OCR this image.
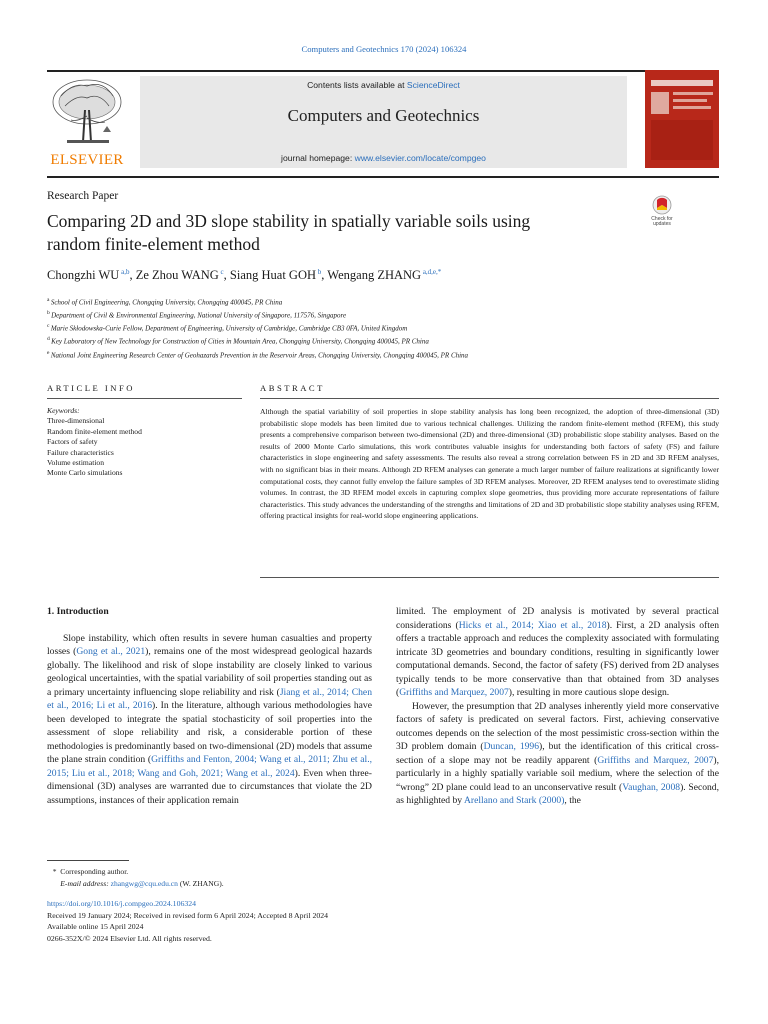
Computers and Geotechnics 170 (2024) 106324
ELSEVIER
Contents lists available at ScienceDirect
Computers and Geotechnics
journal homepage: www.elsevier.com/locate/compgeo
Research Paper
Comparing 2D and 3D slope stability in spatially variable soils using
random finite-element method
Check for
updates
Chongzhi WU $^{a,b}$, Ze Zhou WANG $^c$, Siang Huat GOH $^b$, Wengang ZHANG $^{a,d,e,*}$
$^a$ School of Civil Engineering, Chongqing University, Chongqing 400045, PR China
$^b$ Department of Civil & Environmental Engineering, National University of Singapore, 117576, Singapore
$^c$ Marie Skłodowska-Curie Fellow, Department of Engineering, University of Cambridge, Cambridge CB3 0FA, United Kingdom
$^d$ Key Laboratory of New Technology for Construction of Cities in Mountain Area, Chongqing University, Chongqing 400045, PR China
$^e$ National Joint Engineering Research Center of Geohazards Prevention in the Reservoir Areas, Chongqing University, Chongqing 400045, PR China
ARTICLE INFO	ABSTRACT
Keywords:
Three-dimensional
Random finite-element method
Factors of safety
Failure characteristics
Volume estimation
Monte Carlo simulations
Although the spatial variability of soil properties in slope stability analysis has long been recognized, the adoption of three-dimensional (3D) probabilistic slope models has been limited due to various technical challenges. Utilizing the random finite-element method (RFEM), this study presents a comprehensive comparison between two-dimensional (2D) and three-dimensional (3D) probabilistic slope stability analyses. Based on the results of 2000 Monte Carlo simulations, this work contributes valuable insights for understanding both factors of safety (FS) and failure characteristics in slope engineering and safety assessments. The results also reveal a strong correlation between FS in 2D and 3D RFEM analyses, with no significant bias in their means. Although 2D RFEM analyses can generate a much larger number of failure realizations at significantly lower computational costs, they cannot fully envelop the failure samples of 3D RFEM analyses. Moreover, 2D RFEM analyses tend to overestimate sliding volumes. In contrast, the 3D RFEM model excels in capturing complex slope geometries, thus providing more accurate representations of failure characteristics. This study advances the understanding of the strengths and limitations of 2D and 3D probabilistic slope stability analyses using RFEM, offering practical insights for real-world slope engineering applications.
1. Introduction

Slope instability, which often results in severe human casualties and property losses (Gong et al., 2021), remains one of the most widespread geological hazards globally. The likelihood and risk of slope instability are closely linked to various geological uncertainties, with the spatial variability of soil properties standing out as a primary uncertainty influencing slope reliability and risk (Jiang et al., 2014; Chen et al., 2016; Li et al., 2016). In the literature, although various methodologies have been developed to integrate the spatial stochasticity of soil properties into the assessment of slope reliability and risk, a considerable portion of these methodologies is predominantly based on two-dimensional (2D) models that assume the plane strain condition (Griffiths and Fenton, 2004; Wang et al., 2011; Zhu et al., 2015; Liu et al., 2018; Wang and Goh, 2021; Wang et al., 2024). Even when three-dimensional (3D) analyses are warranted due to circumstances that violate the 2D assumptions, instances of their application remain

limited. The employment of 2D analysis is motivated by several practical considerations (Hicks et al., 2014; Xiao et al., 2018). First, a 2D analysis often offers a tractable approach and reduces the complexity associated with formulating intricate 3D geometries and boundary conditions, resulting in significantly lower computational demands. Second, the factor of safety (FS) derived from 2D analyses typically tends to be more conservative than that obtained from 3D analyses (Griffiths and Marquez, 2007), resulting in more cautious slope design.

However, the presumption that 2D analyses inherently yield more conservative factors of safety is predicated on several factors. First, achieving conservative outcomes depends on the selection of the most pessimistic cross-section within the 3D problem domain (Duncan, 1996), but the identification of this critical cross-section of a slope may not be readily apparent (Griffiths and Marquez, 2007), particularly in a highly spatially variable soil medium, where the selection of the “wrong” 2D plane could lead to an unconservative result (Vaughan, 2008). Second, as highlighted by Arellano and Stark (2000), the

*  Corresponding author.
E-mail address: zhangwg@cqu.edu.cn (W. ZHANG).
https://doi.org/10.1016/j.compgeo.2024.106324
Received 19 January 2024; Received in revised form 6 April 2024; Accepted 8 April 2024
Available online 15 April 2024
0266-352X/© 2024 Elsevier Ltd. All rights reserved.
